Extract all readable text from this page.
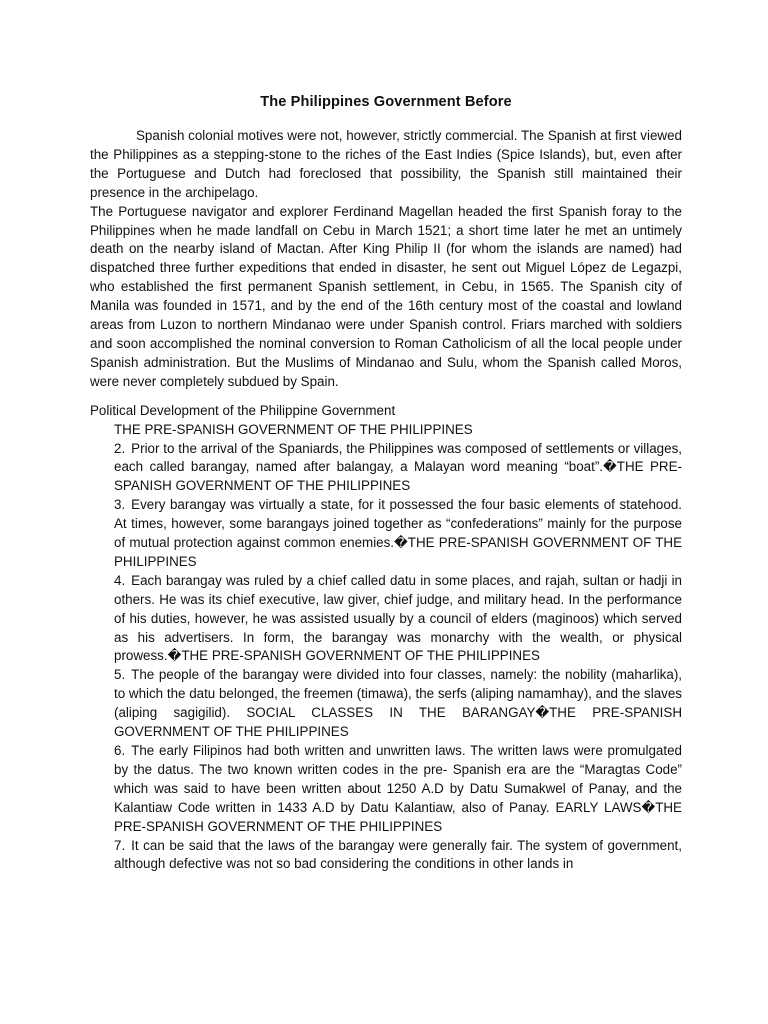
The Philippines Government Before

Spanish colonial motives were not, however, strictly commercial. The Spanish at first viewed the Philippines as a stepping-stone to the riches of the East Indies (Spice Islands), but, even after the Portuguese and Dutch had foreclosed that possibility, the Spanish still maintained their presence in the archipelago.

The Portuguese navigator and explorer Ferdinand Magellan headed the first Spanish foray to the Philippines when he made landfall on Cebu in March 1521; a short time later he met an untimely death on the nearby island of Mactan. After King Philip II (for whom the islands are named) had dispatched three further expeditions that ended in disaster, he sent out Miguel López de Legazpi, who established the first permanent Spanish settlement, in Cebu, in 1565. The Spanish city of Manila was founded in 1571, and by the end of the 16th century most of the coastal and lowland areas from Luzon to northern Mindanao were under Spanish control. Friars marched with soldiers and soon accomplished the nominal conversion to Roman Catholicism of all the local people under Spanish administration. But the Muslims of Mindanao and Sulu, whom the Spanish called Moros, were never completely subdued by Spain.

Political Development of the Philippine Government

THE PRE-SPANISH GOVERNMENT OF THE PHILIPPINES

2. Prior to the arrival of the Spaniards, the Philippines was composed of settlements or villages, each called barangay, named after balangay, a Malayan word meaning “boat”.�THE PRE-SPANISH GOVERNMENT OF THE PHILIPPINES

3. Every barangay was virtually a state, for it possessed the four basic elements of statehood. At times, however, some barangays joined together as “confederations” mainly for the purpose of mutual protection against common enemies.�THE PRE-SPANISH GOVERNMENT OF THE PHILIPPINES

4. Each barangay was ruled by a chief called datu in some places, and rajah, sultan or hadji in others. He was its chief executive, law giver, chief judge, and military head. In the performance of his duties, however, he was assisted usually by a council of elders (maginoos) which served as his advertisers. In form, the barangay was monarchy with the wealth, or physical prowess.�THE PRE-SPANISH GOVERNMENT OF THE PHILIPPINES

5. The people of the barangay were divided into four classes, namely: the nobility (maharlika), to which the datu belonged, the freemen (timawa), the serfs (aliping namamhay), and the slaves (aliping sagigilid). SOCIAL CLASSES IN THE BARANGAY�THE PRE-SPANISH GOVERNMENT OF THE PHILIPPINES

6. The early Filipinos had both written and unwritten laws. The written laws were promulgated by the datus. The two known written codes in the pre- Spanish era are the “Maragtas Code” which was said to have been written about 1250 A.D by Datu Sumakwel of Panay, and the Kalantiaw Code written in 1433 A.D by Datu Kalantiaw, also of Panay. EARLY LAWS�THE PRE-SPANISH GOVERNMENT OF THE PHILIPPINES

7. It can be said that the laws of the barangay were generally fair. The system of government, although defective was not so bad considering the conditions in other lands in
